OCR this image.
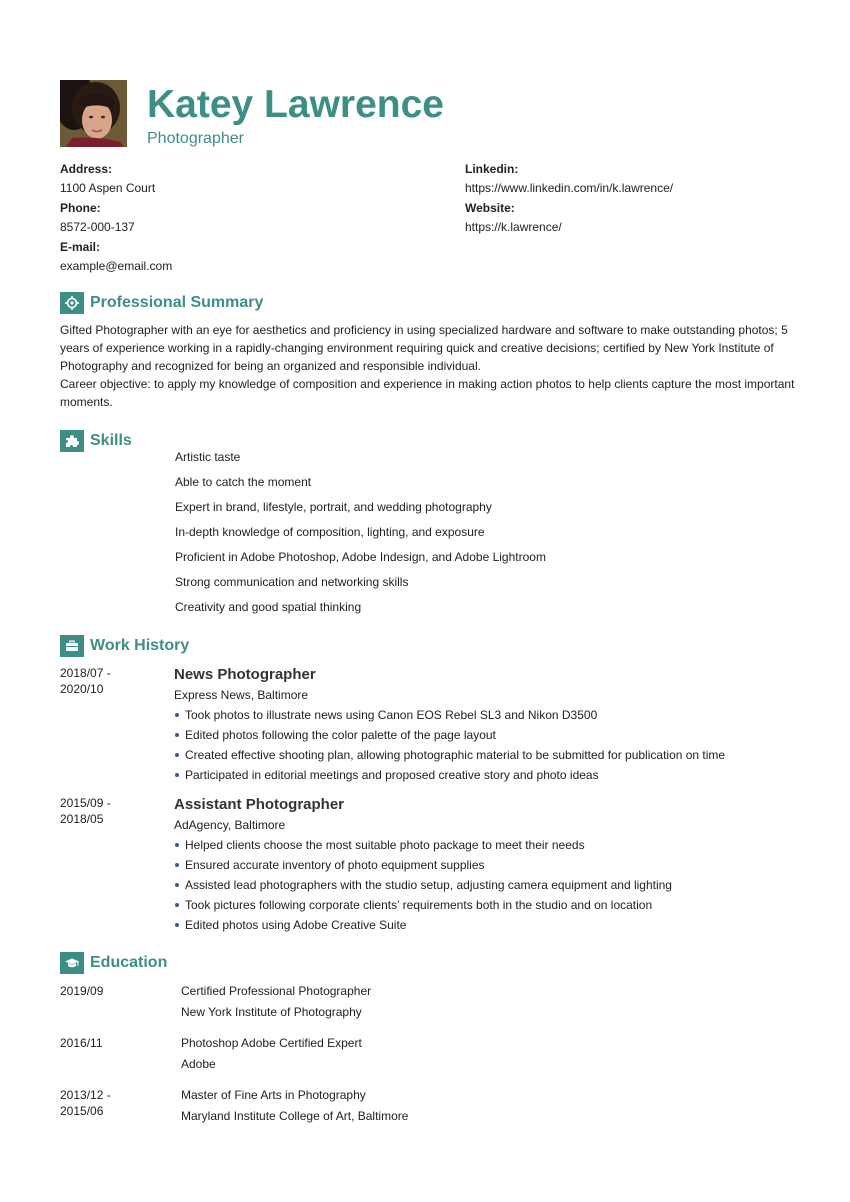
Katey Lawrence
Photographer
Address:
1100 Aspen Court
Phone:
8572-000-137
E-mail:
example@email.com
Linkedin:
https://www.linkedin.com/in/k.lawrence/
Website:
https://k.lawrence/
Professional Summary

Gifted Photographer with an eye for aesthetics and proficiency in using specialized hardware and software to make outstanding photos; 5 years of experience working in a rapidly-changing environment requiring quick and creative decisions; certified by New York Institute of Photography and recognized for being an organized and responsible individual.

Career objective: to apply my knowledge of composition and experience in making action photos to help clients capture the most important moments.

Skills
Artistic taste
Able to catch the moment
Expert in brand, lifestyle, portrait, and wedding photography
In-depth knowledge of composition, lighting, and exposure
Proficient in Adobe Photoshop, Adobe Indesign, and Adobe Lightroom
Strong communication and networking skills
Creativity and good spatial thinking
Work History
2018/07 -
2020/10
News Photographer
Express News, Baltimore
Took photos to illustrate news using Canon EOS Rebel SL3 and Nikon D3500
Edited photos following the color palette of the page layout
Created effective shooting plan, allowing photographic material to be submitted for publication on time
Participated in editorial meetings and proposed creative story and photo ideas
2015/09 -
2018/05
Assistant Photographer
AdAgency, Baltimore
Helped clients choose the most suitable photo package to meet their needs
Ensured accurate inventory of photo equipment supplies
Assisted lead photographers with the studio setup, adjusting camera equipment and lighting
Took pictures following corporate clients’ requirements both in the studio and on location
Edited photos using Adobe Creative Suite
Education
2019/09	Certified Professional Photographer
New York Institute of Photography
2016/11	Photoshop Adobe Certified Expert
Adobe
2013/12 -
2015/06
Master of Fine Arts in Photography
Maryland Institute College of Art, Baltimore
